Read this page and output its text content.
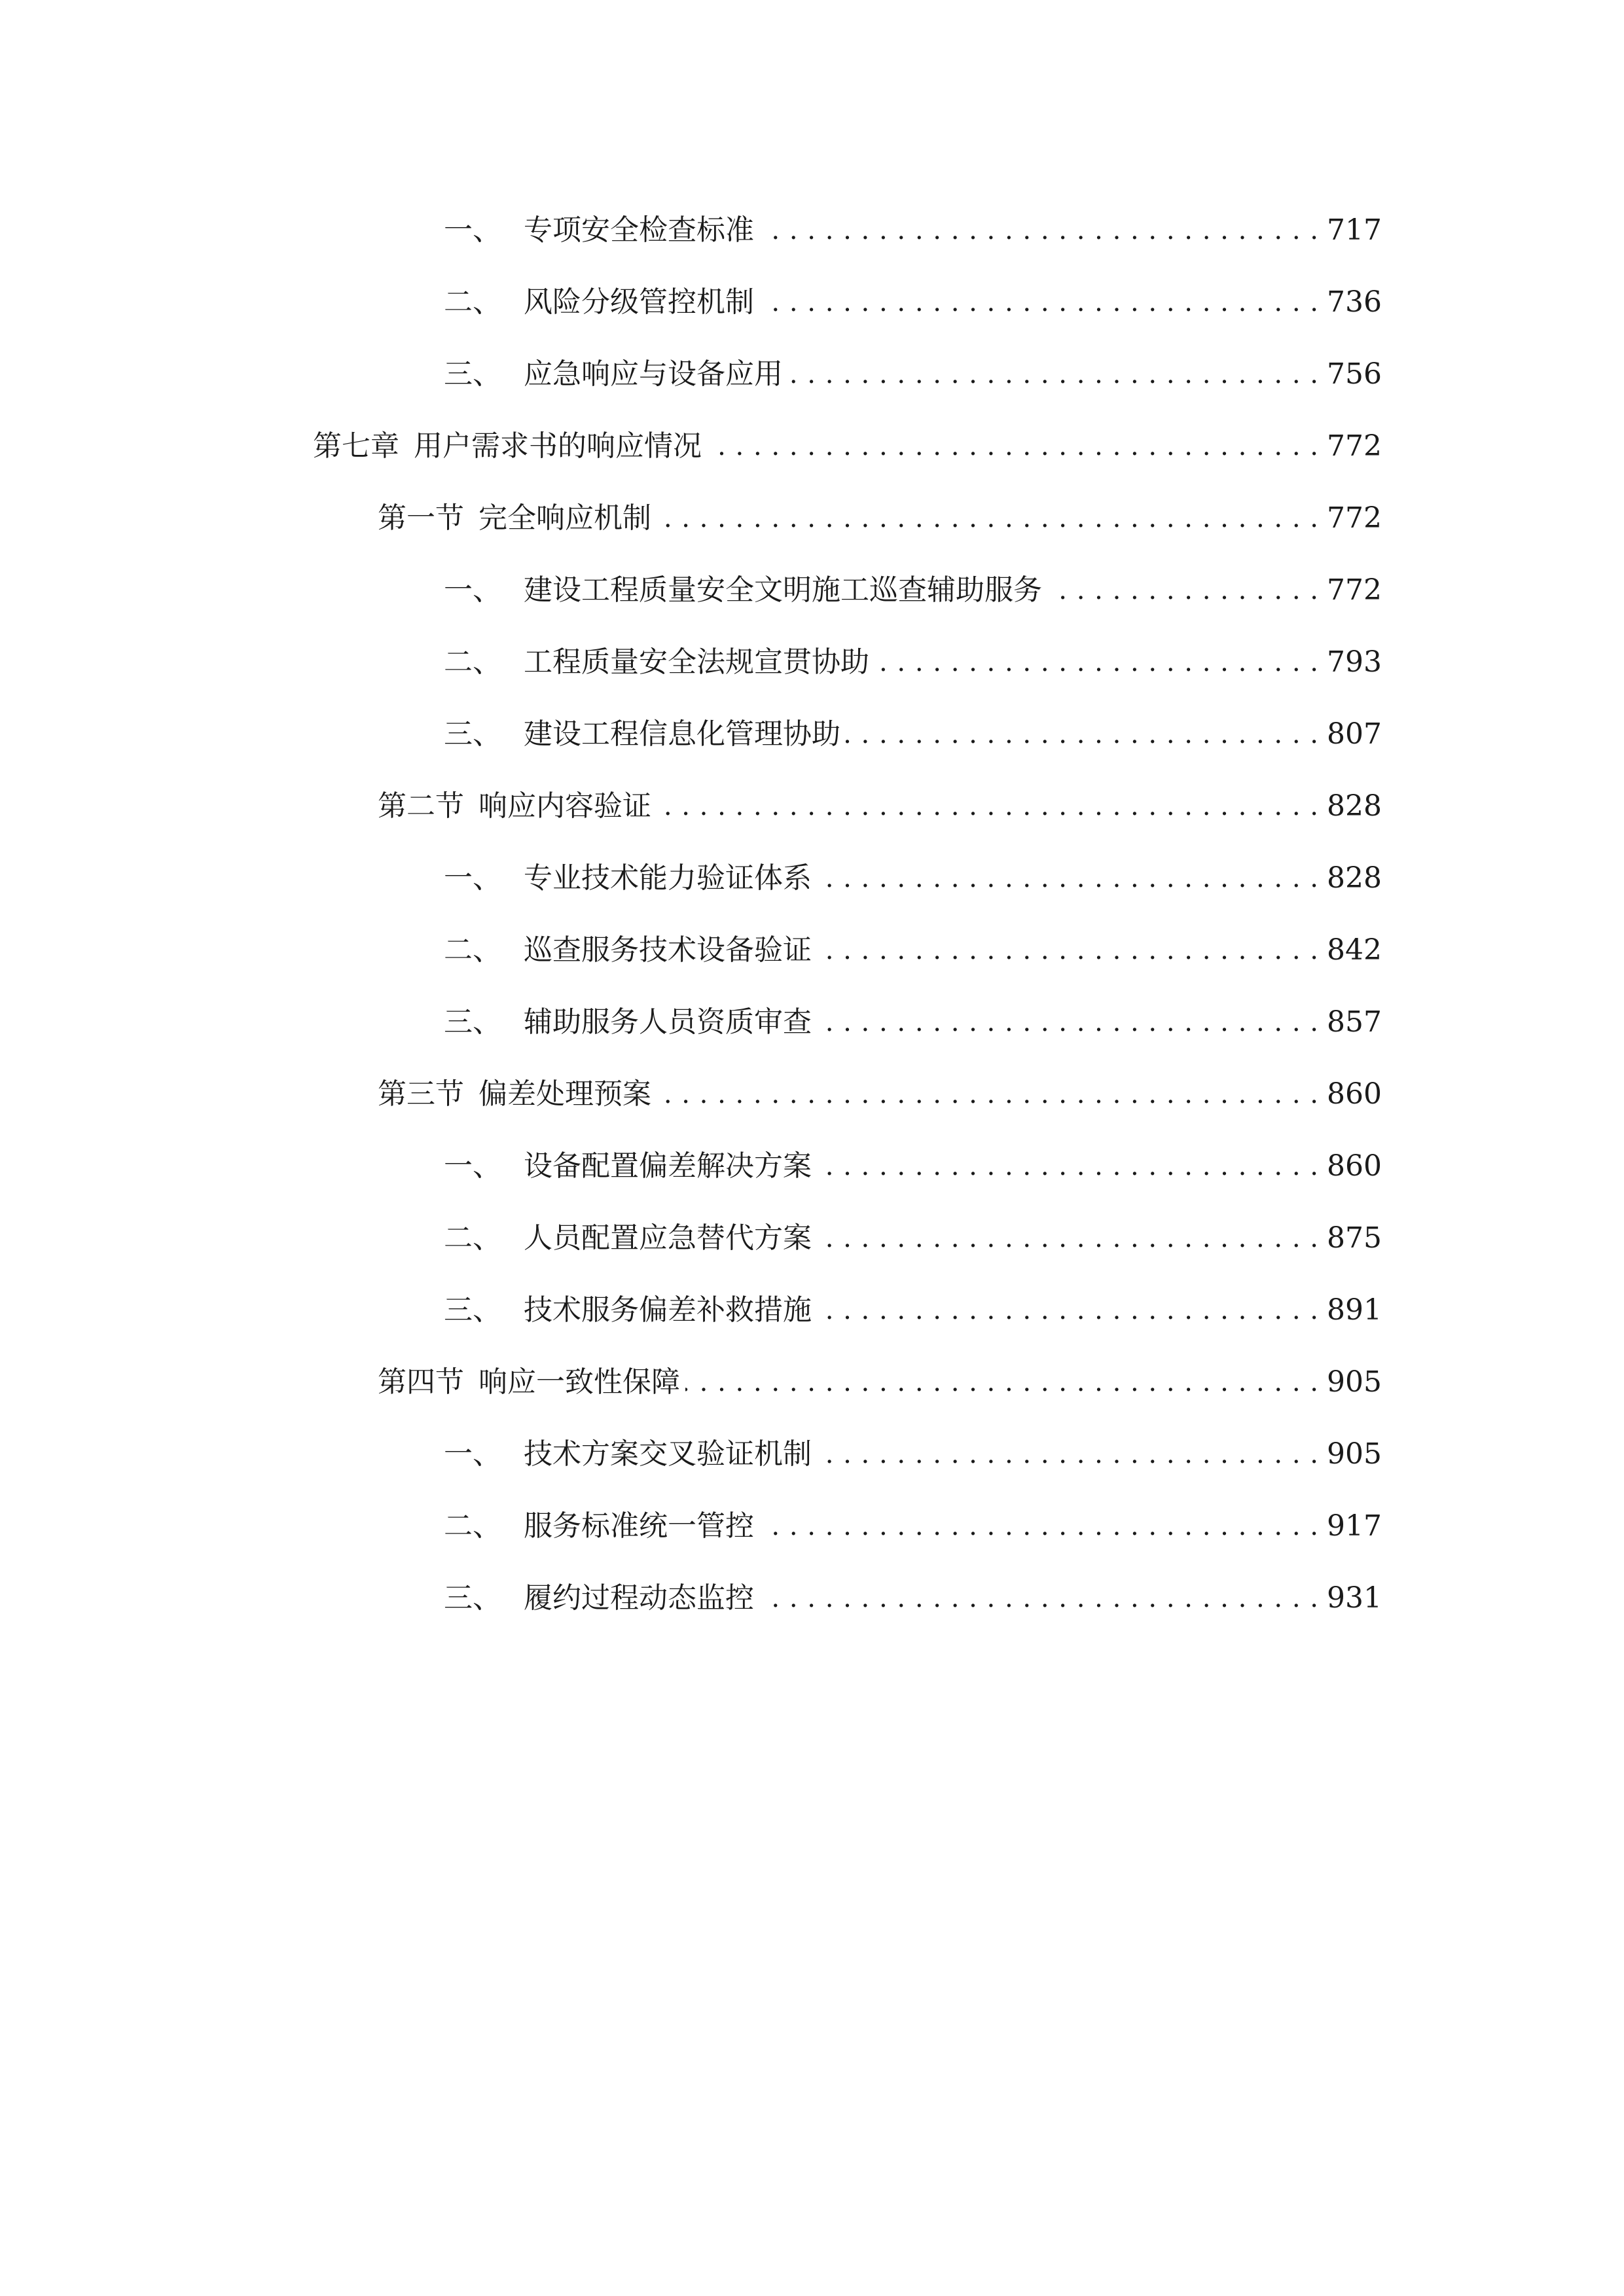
一、 专项安全检查标准 . . .	717
二、 风险分级管控机制 . . .	736
三、 应急响应与设备应用 . . .	756
第七章 用户需求书的响应情况 . . .	772
第一节 完全响应机制 . . .	772
一、 建设工程质量安全文明施工巡查辅助服务 . . .	772
二、 工程质量安全法规宣贯协助 . . .	793
三、 建设工程信息化管理协助 . . .	807
第二节 响应内容验证 . . .	828
一、 专业技术能力验证体系 . . .	828
二、 巡查服务技术设备验证 . . .	842
三、 辅助服务人员资质审查 . . .	857
第三节 偏差处理预案 . . .	860
一、 设备配置偏差解决方案 . . .	860
二、 人员配置应急替代方案 . . .	875
三、 技术服务偏差补救措施 . . .	891
第四节 响应一致性保障 . . .	905
一、 技术方案交叉验证机制 . . .	905
二、 服务标准统一管控 . . .	917
三、 履约过程动态监控 . . .	931
